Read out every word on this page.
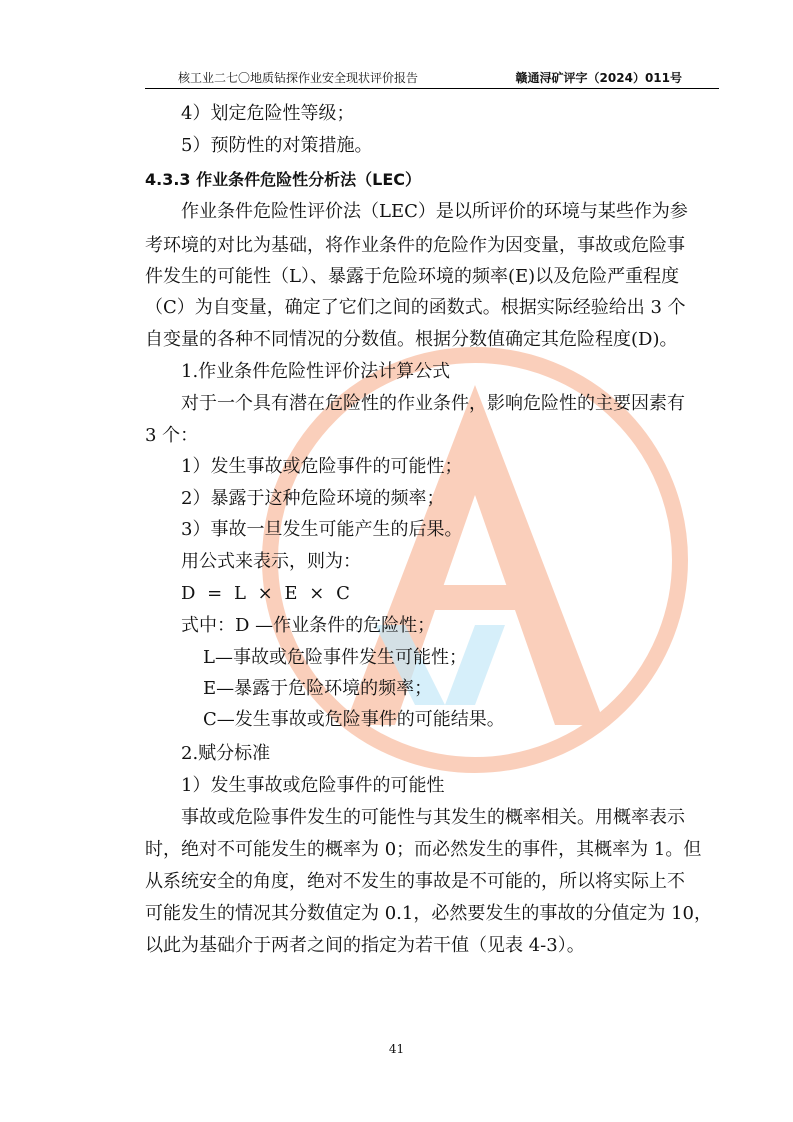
核工业二七〇地质钻探作业安全现状评价报告	赣通浔矿评字（2024）011号
4）划定危险性等级；
5）预防性的对策措施。
4.3.3 作业条件危险性分析法（LEC）
作业条件危险性评价法（LEC）是以所评价的环境与某些作为参
考环境的对比为基础，将作业条件的危险作为因变量，事故或危险事
件发生的可能性（L）、暴露于危险环境的频率(E)以及危险严重程度
（C）为自变量，确定了它们之间的函数式。根据实际经验给出 3 个
自变量的各种不同情况的分数值。根据分数值确定其危险程度(D)。
1.作业条件危险性评价法计算公式
对于一个具有潜在危险性的作业条件，影响危险性的主要因素有
3 个：
1）发生事故或危险事件的可能性；
2）暴露于这种危险环境的频率；
3）事故一旦发生可能产生的后果。
用公式来表示，则为：
D = L × E × C
式中：D —作业条件的危险性；
L—事故或危险事件发生可能性；
E—暴露于危险环境的频率；
C—发生事故或危险事件的可能结果。
2.赋分标准
1）发生事故或危险事件的可能性
事故或危险事件发生的可能性与其发生的概率相关。用概率表示
时，绝对不可能发生的概率为 0；而必然发生的事件，其概率为 1。但
从系统安全的角度，绝对不发生的事故是不可能的，所以将实际上不
可能发生的情况其分数值定为 0.1，必然要发生的事故的分值定为 10，
以此为基础介于两者之间的指定为若干值（见表 4-3）。
41
